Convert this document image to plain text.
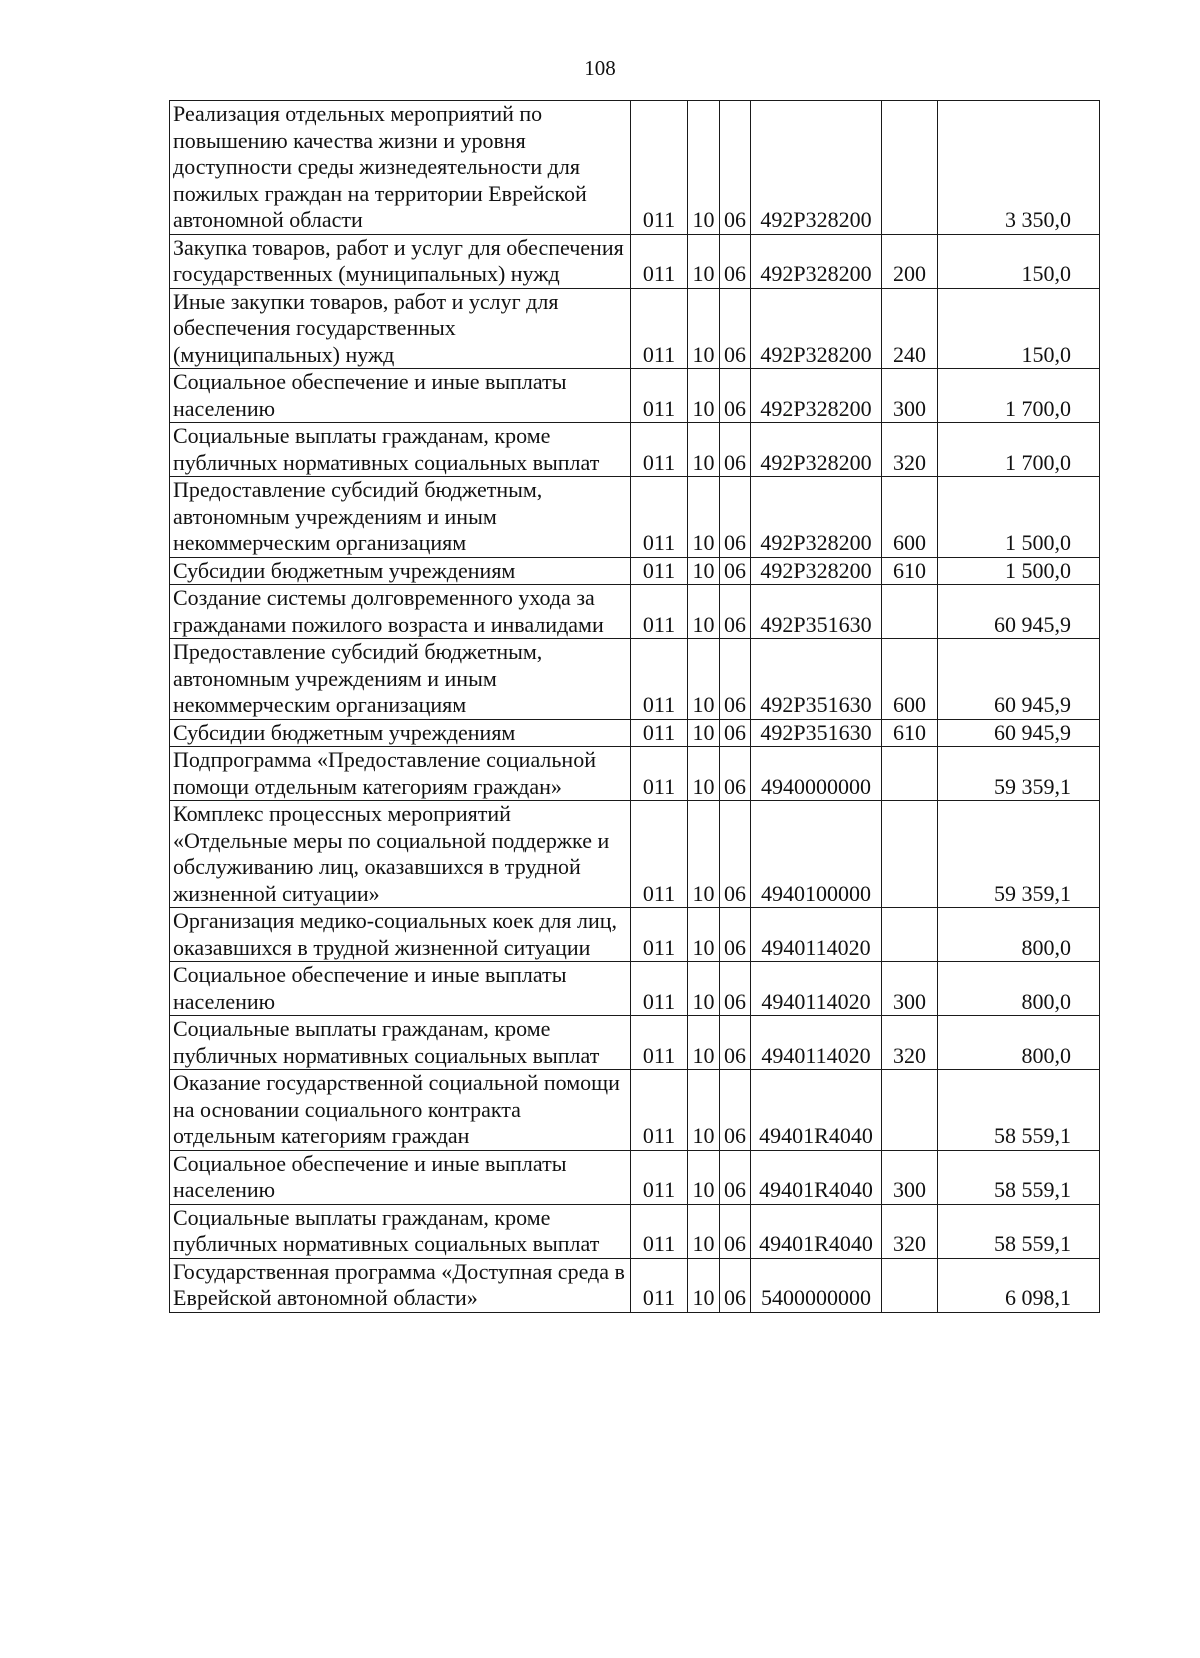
108
Реализация отдельных мероприятий по повышению качества жизни и уровня доступности среды жизнедеятельности для пожилых граждан на территории Еврейской автономной области	011	10	06	492P328200		3 350,0
Закупка товаров, работ и услуг для обеспечения государственных (муниципальных) нужд	011	10	06	492P328200	200	150,0
Иные закупки товаров, работ и услуг для обеспечения государственных (муниципальных) нужд	011	10	06	492P328200	240	150,0
Социальное обеспечение и иные выплаты населению	011	10	06	492P328200	300	1 700,0
Социальные выплаты гражданам, кроме публичных нормативных социальных выплат	011	10	06	492P328200	320	1 700,0
Предоставление субсидий бюджетным, автономным учреждениям и иным некоммерческим организациям	011	10	06	492P328200	600	1 500,0
Субсидии бюджетным учреждениям	011	10	06	492P328200	610	1 500,0
Создание системы долговременного ухода за гражданами пожилого возраста и инвалидами	011	10	06	492P351630		60 945,9
Предоставление субсидий бюджетным, автономным учреждениям и иным некоммерческим организациям	011	10	06	492P351630	600	60 945,9
Субсидии бюджетным учреждениям	011	10	06	492P351630	610	60 945,9
Подпрограмма «Предоставление социальной помощи отдельным категориям граждан»	011	10	06	4940000000		59 359,1
Комплекс процессных мероприятий «Отдельные меры по социальной поддержке и обслуживанию лиц, оказавшихся в трудной жизненной ситуации»	011	10	06	4940100000		59 359,1
Организация медико-социальных коек для лиц, оказавшихся в трудной жизненной ситуации	011	10	06	4940114020		800,0
Социальное обеспечение и иные выплаты населению	011	10	06	4940114020	300	800,0
Социальные выплаты гражданам, кроме публичных нормативных социальных выплат	011	10	06	4940114020	320	800,0
Оказание государственной социальной помощи на основании социального контракта отдельным категориям граждан	011	10	06	49401R4040		58 559,1
Социальное обеспечение и иные выплаты населению	011	10	06	49401R4040	300	58 559,1
Социальные выплаты гражданам, кроме публичных нормативных социальных выплат	011	10	06	49401R4040	320	58 559,1
Государственная программа «Доступная среда в Еврейской автономной области»	011	10	06	5400000000		6 098,1
